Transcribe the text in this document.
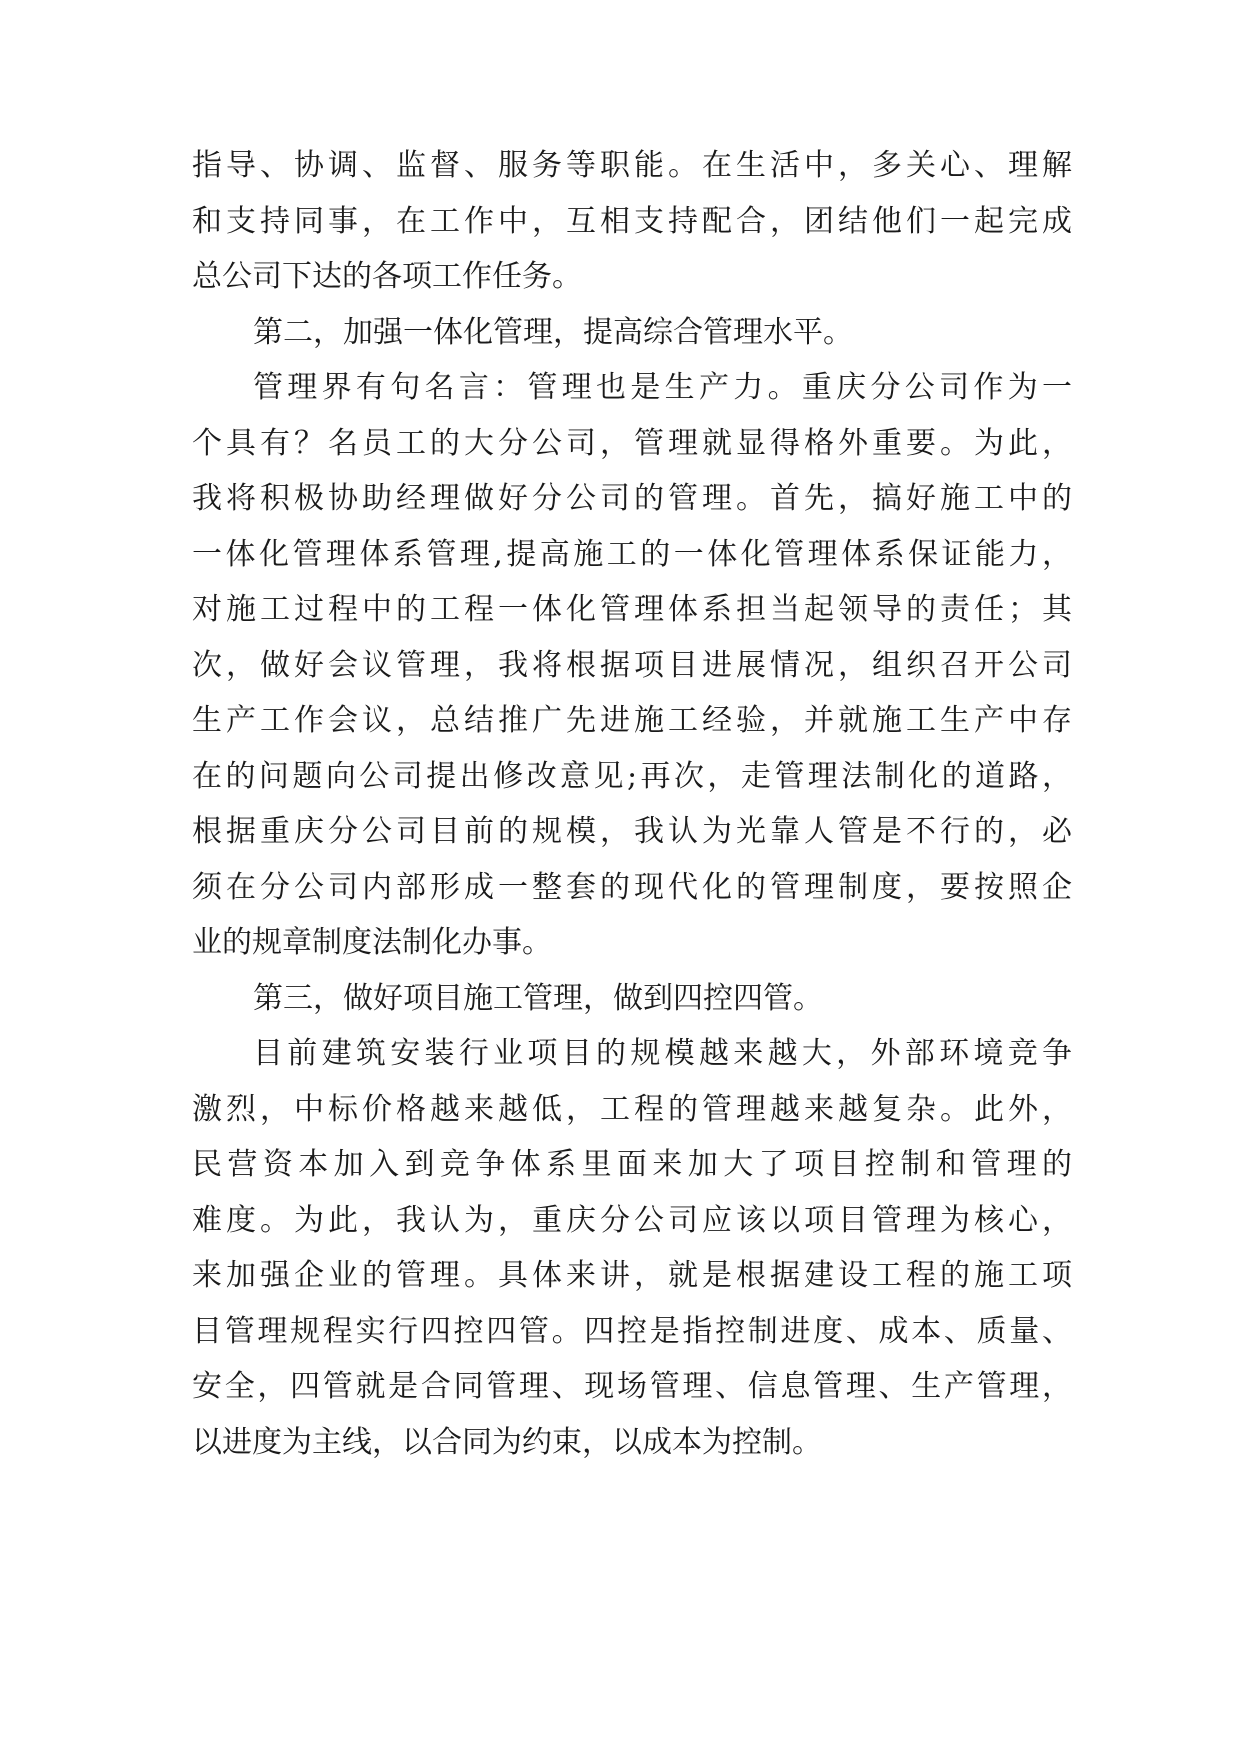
指导、协调、监督、服务等职能。在生活中，多关心、理解

和支持同事，在工作中，互相支持配合，团结他们一起完成

总公司下达的各项工作任务。

第二，加强一体化管理，提高综合管理水平。

管理界有句名言：管理也是生产力。重庆分公司作为一

个具有？名员工的大分公司，管理就显得格外重要。为此，

我将积极协助经理做好分公司的管理。首先，搞好施工中的

一体化管理体系管理,提高施工的一体化管理体系保证能力，

对施工过程中的工程一体化管理体系担当起领导的责任；其

次，做好会议管理，我将根据项目进展情况，组织召开公司

生产工作会议，总结推广先进施工经验，并就施工生产中存

在的问题向公司提出修改意见;再次，走管理法制化的道路，

根据重庆分公司目前的规模，我认为光靠人管是不行的，必

须在分公司内部形成一整套的现代化的管理制度，要按照企

业的规章制度法制化办事。

第三，做好项目施工管理，做到四控四管。

目前建筑安装行业项目的规模越来越大，外部环境竞争

激烈，中标价格越来越低，工程的管理越来越复杂。此外，

民营资本加入到竞争体系里面来加大了项目控制和管理的

难度。为此，我认为，重庆分公司应该以项目管理为核心，

来加强企业的管理。具体来讲，就是根据建设工程的施工项

目管理规程实行四控四管。四控是指控制进度、成本、质量、

安全，四管就是合同管理、现场管理、信息管理、生产管理，

以进度为主线，以合同为约束，以成本为控制。
